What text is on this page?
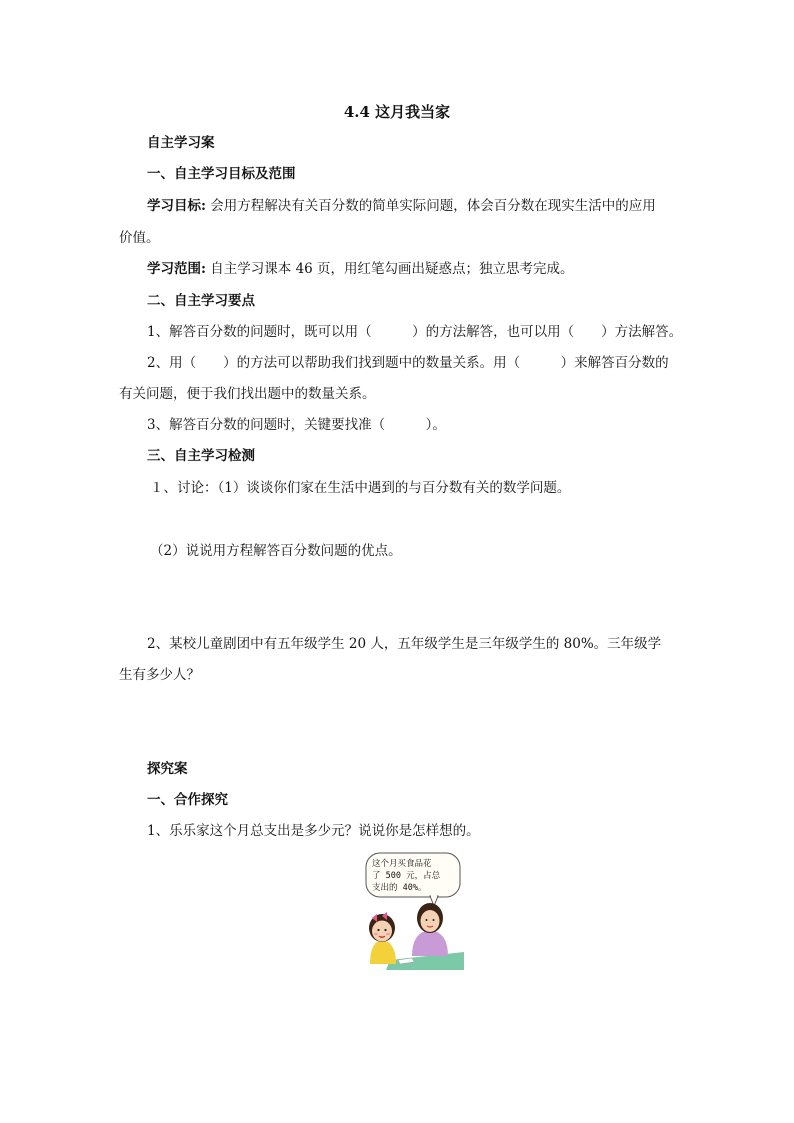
4.4 这月我当家
自主学习案
一、自主学习目标及范围
学习目标: 会用方程解决有关百分数的简单实际问题，体会百分数在现实生活中的应用
价值。
学习范围: 自主学习课本 46 页，用红笔勾画出疑惑点；独立思考完成。
二、自主学习要点
1、解答百分数的问题时，既可以用（　　　）的方法解答，也可以用（　　）方法解答。
2、用（　　）的方法可以帮助我们找到题中的数量关系。用（　　　）来解答百分数的
有关问题，便于我们找出题中的数量关系。
3、解答百分数的问题时，关键要找准（　　　）。
三、自主学习检测
１、讨论：（1）谈谈你们家在生活中遇到的与百分数有关的数学问题。
（2）说说用方程解答百分数问题的优点。
2、某校儿童剧团中有五年级学生 20 人，五年级学生是三年级学生的 80%。三年级学
生有多少人？
探究案
一、合作探究
1、乐乐家这个月总支出是多少元？说说你是怎样想的。
这个月买食品花
了 500 元，占总
支出的 40%。
